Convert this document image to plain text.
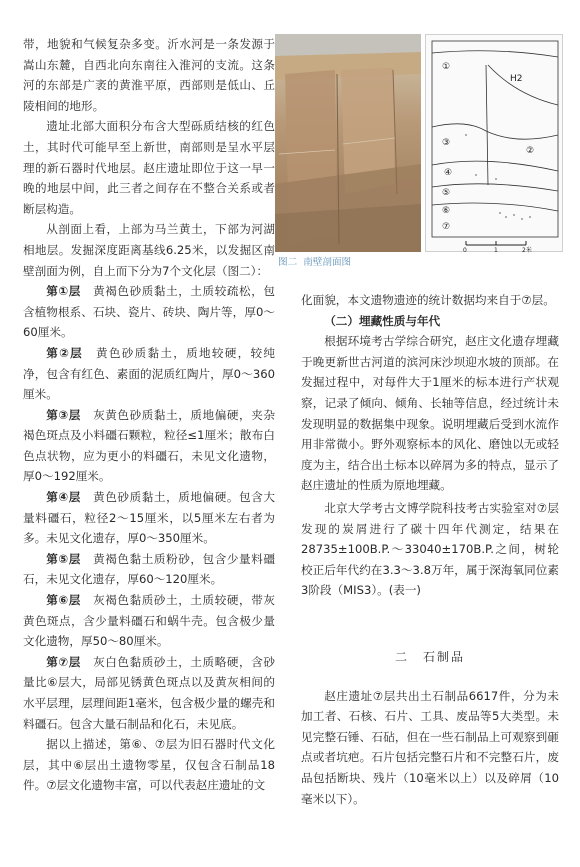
带，地貌和气候复杂多变。沂水河是一条发源于嵩山东麓，自西北向东南往入淮河的支流。这条河的东部是广袤的黄淮平原，西部则是低山、丘陵相间的地形。

遗址北部大面积分布含大型砾质结核的红色土，其时代可能早至上新世，南部则是呈水平层理的新石器时代地层。赵庄遗址即位于这一早一晚的地层中间，此三者之间存在不整合关系或者断层构造。

从剖面上看，上部为马兰黄土，下部为河湖相地层。发掘深度距离基线6.25米，以发掘区南壁剖面为例，自上而下分为7个文化层（图二）：

第①层　 黄褐色砂质黏土，土质较疏松，包含植物根系、石块、瓷片、砖块、陶片等，厚0～60厘米。

第②层　 黄色砂质黏土，质地较硬，较纯净，包含有红色、素面的泥质红陶片，厚0～360厘米。

第③层　 灰黄色砂质黏土，质地偏硬，夹杂褐色斑点及小料礓石颗粒，粒径≤1厘米；散布白色点状物，应为更小的料礓石，未见文化遗物，厚0～192厘米。

第④层　 黄色砂质黏土，质地偏硬。包含大量料礓石，粒径2～15厘米，以5厘米左右者为多。未见文化遗存，厚0～350厘米。

第⑤层　 黄褐色黏土质粉砂，包含少量料礓石，未见文化遗存，厚60～120厘米。

第⑥层　 灰褐色黏质砂土，土质较硬，带灰黄色斑点，含少量料礓石和蜗牛壳。包含极少量文化遗物，厚50～80厘米。

第⑦层　 灰白色黏质砂土，土质略硬，含砂量比⑥层大，局部见锈黄色斑点以及黄灰相间的水平层理，层理间距1毫米，包含极少量的螺壳和料礓石。包含大量石制品和化石，未见底。

据以上描述，第⑥、⑦层为旧石器时代文化层，其中⑥层出土遗物零星，仅包含石制品18件。⑦层文化遗物丰富，可以代表赵庄遗址的文

①
②
③
④
⑤
⑥
⑦
H2
0	1	2米
图二 南壁剖面图

化面貌，本文遗物遗迹的统计数据均来自于⑦层。

（二）埋藏性质与年代

根据环境考古学综合研究，赵庄文化遗存埋藏于晚更新世古河道的滨河床沙坝迎水坡的顶部。在发掘过程中，对每件大于1厘米的标本进行产状观察，记录了倾向、倾角、长轴等信息，经过统计未发现明显的数据集中现象。说明埋藏后受到水流作用非常微小。野外观察标本的风化、磨蚀以无或轻度为主，结合出土标本以碎屑为多的特点，显示了赵庄遗址的性质为原地埋藏。

北京大学考古文博学院科技考古实验室对⑦层发现的炭屑进行了碳十四年代测定，结果在28735±100B.P.～33040±170B.P.之间，树轮校正后年代约在3.3～3.8万年，属于深海氧同位素3阶段（MIS3）。(表一)

二　石制品

赵庄遗址⑦层共出土石制品6617件，分为未加工者、石核、石片、工具、废品等5大类型。未见完整石锤、石砧，但在一些石制品上可观察到砸点或者坑疤。石片包括完整石片和不完整石片，废品包括断块、残片（10毫米以上）以及碎屑（10毫米以下）。
